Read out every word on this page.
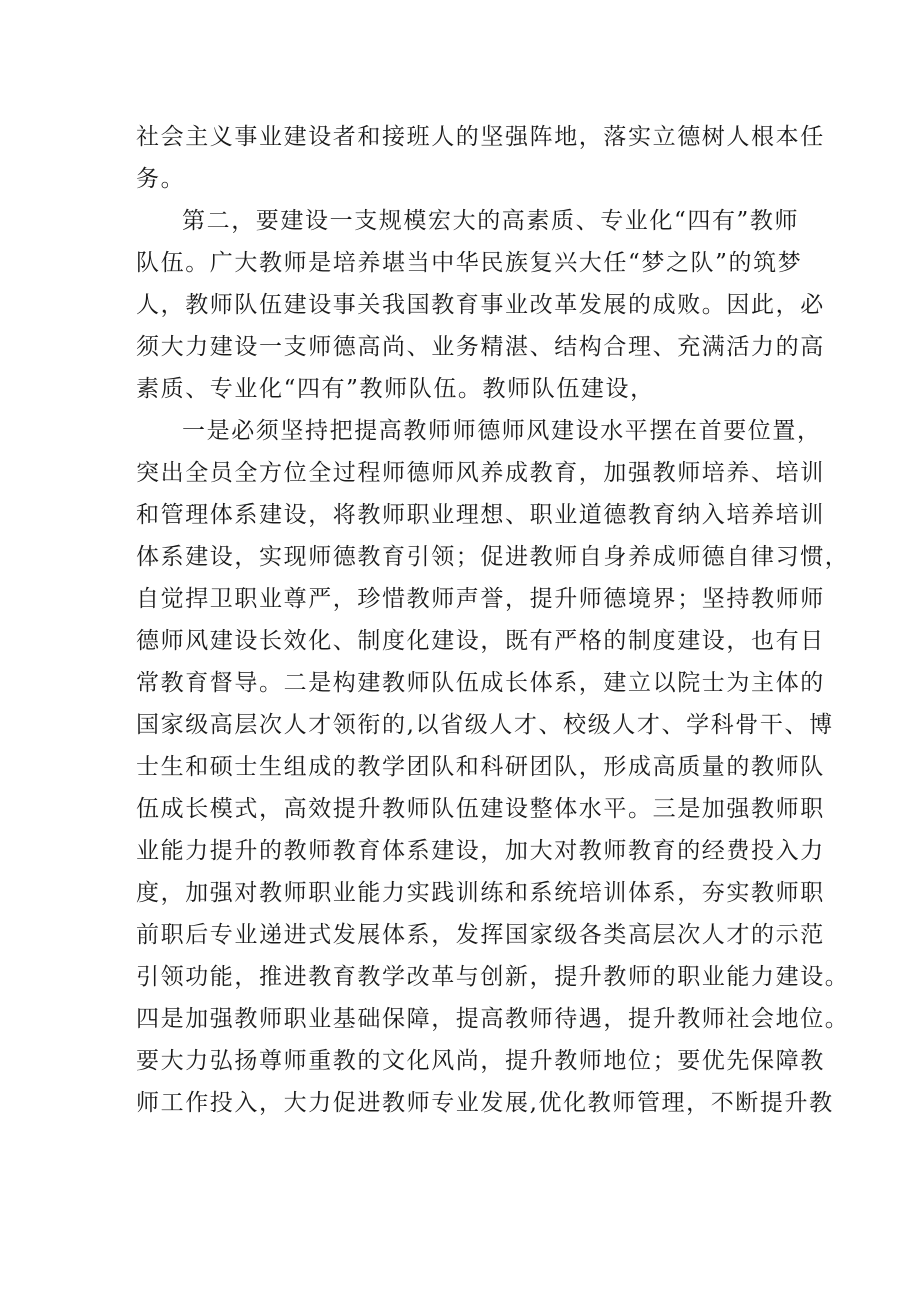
社会主义事业建设者和接班人的坚强阵地，落实立德树人根本任
务。
第二，要建设一支规模宏大的高素质、专业化“四有”教师
队伍。广大教师是培养堪当中华民族复兴大任“梦之队”的筑梦
人，教师队伍建设事关我国教育事业改革发展的成败。因此，必
须大力建设一支师德高尚、业务精湛、结构合理、充满活力的高
素质、专业化“四有”教师队伍。教师队伍建设，
一是必须坚持把提高教师师德师风建设水平摆在首要位置，
突出全员全方位全过程师德师风养成教育，加强教师培养、培训
和管理体系建设，将教师职业理想、职业道德教育纳入培养培训
体系建设，实现师德教育引领；促进教师自身养成师德自律习惯，
自觉捍卫职业尊严，珍惜教师声誉，提升师德境界；坚持教师师
德师风建设长效化、制度化建设，既有严格的制度建设，也有日
常教育督导。二是构建教师队伍成长体系，建立以院士为主体的
国家级高层次人才领衔的,以省级人才、校级人才、学科骨干、博
士生和硕士生组成的教学团队和科研团队，形成高质量的教师队
伍成长模式，高效提升教师队伍建设整体水平。三是加强教师职
业能力提升的教师教育体系建设，加大对教师教育的经费投入力
度，加强对教师职业能力实践训练和系统培训体系，夯实教师职
前职后专业递进式发展体系，发挥国家级各类高层次人才的示范
引领功能，推进教育教学改革与创新，提升教师的职业能力建设。
四是加强教师职业基础保障，提高教师待遇，提升教师社会地位。
要大力弘扬尊师重教的文化风尚，提升教师地位；要优先保障教
师工作投入，大力促进教师专业发展,优化教师管理，不断提升教
